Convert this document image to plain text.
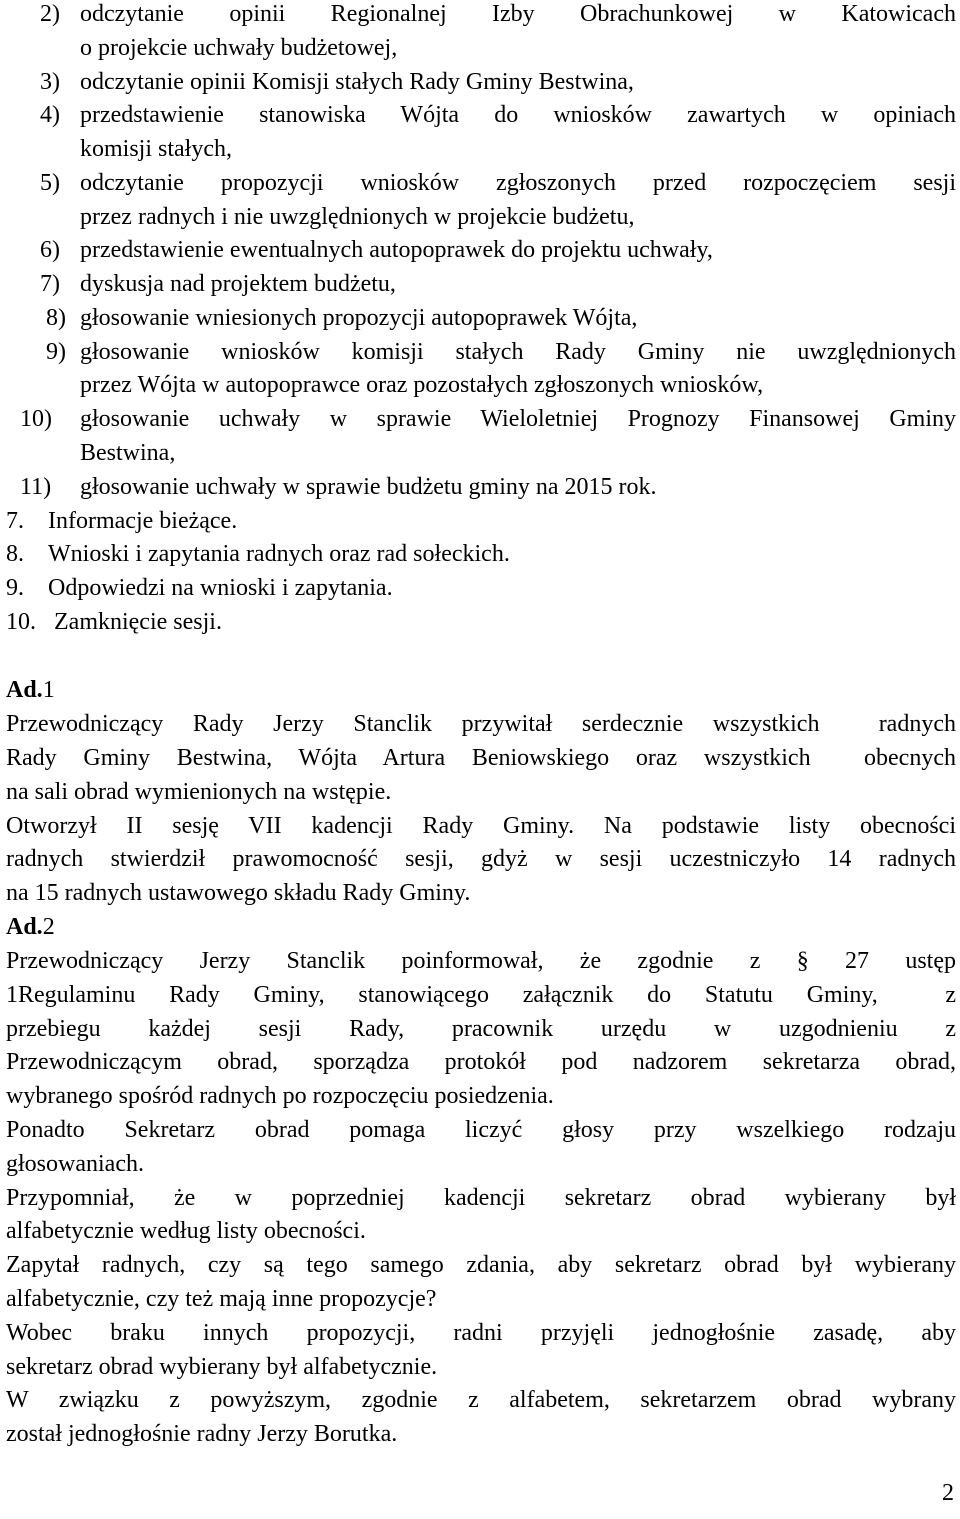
2)

odczytanie opinii Regionalnej Izby Obrachunkowej w Katowicach

o projekcie uchwały budżetowej,

3)

odczytanie opinii Komisji stałych Rady Gminy Bestwina,

4)

przedstawienie stanowiska Wójta do wniosków zawartych w opiniach

komisji stałych,

5)

odczytanie propozycji wniosków zgłoszonych przed rozpoczęciem sesji

przez radnych i nie uwzględnionych w projekcie budżetu,

6)

przedstawienie ewentualnych autopoprawek do projektu uchwały,

7)

dyskusja nad projektem budżetu,

8)

głosowanie wniesionych propozycji autopoprawek Wójta,

9)

głosowanie wniosków komisji stałych Rady Gminy nie uwzględnionych

przez Wójta w autopoprawce oraz pozostałych zgłoszonych wniosków,

10)

głosowanie uchwały w sprawie Wieloletniej Prognozy Finansowej Gminy

Bestwina,

11)

głosowanie uchwały w sprawie budżetu gminy na 2015 rok.

7.

Informacje bieżące.

8.

Wnioski i zapytania radnych oraz rad sołeckich.

9.

Odpowiedzi na wnioski i zapytania.

10.

Zamknięcie sesji.

Ad.1

Przewodniczący Rady Jerzy Stanclik przywitał serdecznie wszystkich  radnych

Rady Gminy Bestwina, Wójta Artura Beniowskiego oraz wszystkich  obecnych

na sali obrad wymienionych na wstępie.

Otworzył II sesję VII kadencji Rady Gminy. Na podstawie listy obecności

radnych stwierdził prawomocność sesji, gdyż w sesji uczestniczyło 14 radnych

na 15 radnych ustawowego składu Rady Gminy.

Ad.2

Przewodniczący Jerzy Stanclik poinformował, że zgodnie z § 27 ustęp

1Regulaminu Rady Gminy, stanowiącego załącznik do Statutu Gminy,  z

przebiegu każdej sesji Rady, pracownik urzędu w uzgodnieniu z

Przewodniczącym obrad, sporządza protokół pod nadzorem sekretarza obrad,

wybranego spośród radnych po rozpoczęciu posiedzenia.

Ponadto Sekretarz obrad pomaga liczyć głosy przy wszelkiego rodzaju

głosowaniach.

Przypomniał, że w poprzedniej kadencji sekretarz obrad wybierany był

alfabetycznie według listy obecności.

Zapytał radnych, czy są tego samego zdania, aby sekretarz obrad był wybierany

alfabetycznie, czy też mają inne propozycje?

Wobec braku innych propozycji, radni przyjęli jednogłośnie zasadę, aby

sekretarz obrad wybierany był alfabetycznie.

W związku z powyższym, zgodnie z alfabetem, sekretarzem obrad wybrany

został jednogłośnie radny Jerzy Borutka.

2
